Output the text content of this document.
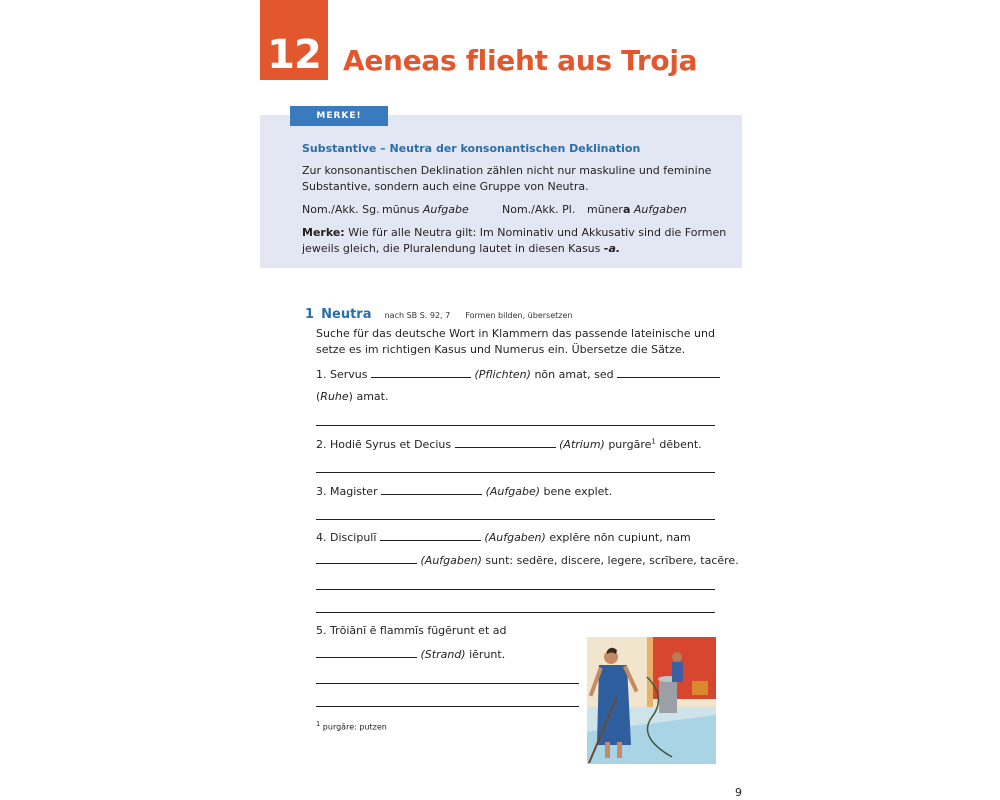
12 Aeneas flieht aus Troja
MERKE!
Substantive – Neutra der konsonantischen Deklination

Zur konsonantischen Deklination zählen nicht nur maskuline und feminine Substantive, sondern auch eine Gruppe von Neutra.

Nom./Akk. Sg. mūnus Aufgabe	Nom./Akk. Pl.	mūnera Aufgaben

Merke: Wie für alle Neutra gilt: Im Nominativ und Akkusativ sind die Formen jeweils gleich, die Pluralendung lautet in diesen Kasus -a.

1 Neutra nach SB S. 92, 7 Formen bilden, übersetzen
Suche für das deutsche Wort in Klammern das passende lateinische und setze es im richtigen Kasus und Numerus ein. Übersetze die Sätze.
1. Servus	(Pflichten) nōn amat, sed
(Ruhe) amat.
2. Hodiē Syrus et Decius	(Atrium) purgāre$^1$ dēbent.
3. Magister	(Aufgabe) bene explet.
4. Discipulī	(Aufgaben) explēre nōn cupiunt, nam
(Aufgaben) sunt: sedēre, discere, legere, scrībere, tacēre.
5. Trōiānī ē flammīs fūgērunt et ad
(Strand) iērunt.
$^1$ purgāre: putzen
9
